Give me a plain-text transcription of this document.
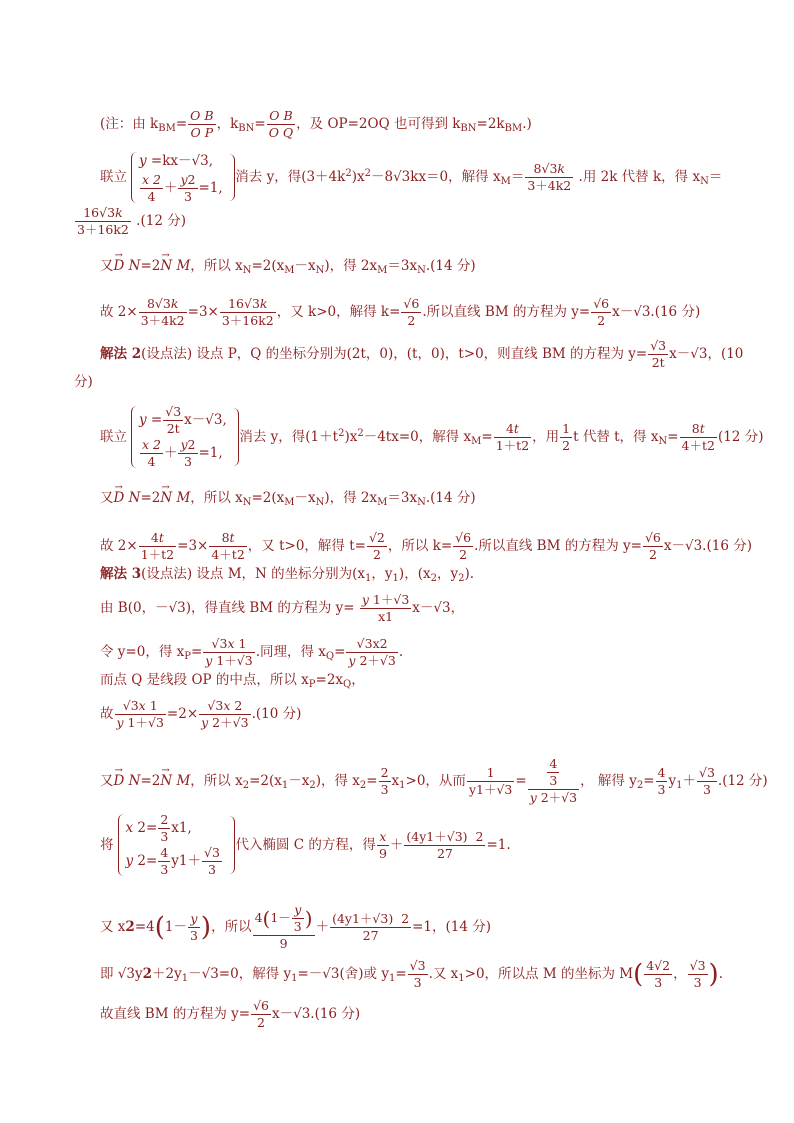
(注：由 $k_{BM}= \frac{\text{O B}}{\text{O P}}$ ，$k_{BN}= \frac{\text{O B}}{\text{O Q}}$ ，及 OP=2OQ 也可得到 $k_{BN}=2k_{BM}$.)
联立
y =kx－√3,
$\frac{x 2}{4} + \frac{y2}{3} =1$,
消去 y，得$(3+4k^2)x^2-8√3kx=0$，解得 $x_M= \frac{8√3k}{3+4k2}$ .用 2k 代替 k，得 $x_N=$
$\frac{16√3k}{3+16k2} .(12$ 分)
又→ D N=2→ N M，所以 $x_N=2(x_M-x_N)$，得 $2x_M=3x_N.(14$ 分)
故 $2\times \frac{8√3k}{3+4k2} =3\times \frac{16√3k}{3+16k2}$ ，又 k>0，解得 $k= \frac{√6}{2}$ .所以直线 BM 的方程为 $y= \frac{√6}{2} x-√3.(16$ 分)
解法 2(设点法) 设点 P，Q 的坐标分别为(2t，0)，(t，0)，t>0，则直线 BM 的方程为 $y= \frac{√3}{2t} x-√3$，(10
分)
联立
$y = \frac{√3}{2t} x-√3$,
$\frac{x 2}{4} + \frac{y2}{3} =1$,
消去 y，得$(1+t^2)x^2-4tx=0$，解得 $x_M= \frac{4t}{1+t2}$ ，用 $\frac{1}{2}$ t 代替 t，得 $x_N= \frac{8t}{4+t2} (12$ 分)
又→ D N=2→ N M，所以 $x_N=2(x_M-x_N)$，得 $2x_M=3x_N.(14$ 分)
故 $2\times \frac{4t}{1+t2} =3\times \frac{8t}{4+t2}$ ，又 t>0，解得 $t= \frac{√2}{2}$ ，所以 $k= \frac{√6}{2}$ .所以直线 BM 的方程为 $y= \frac{√6}{2} x-√3.(16$ 分)
解法 3(设点法) 设点 M，N 的坐标分别为($x_1$，$y_1$)，($x_2$，$y_2$).
由 B(0，－√3)，得直线 BM 的方程为 $y= \frac{y 1+√3}{x1} x-√3$，
令 y=0，得 $x_P= \frac{√3x 1}{y 1+√3}$ .同理，得 $x_Q= \frac{√3x2}{y 2+√3}$ .
而点 Q 是线段 OP 的中点，所以 $x_P=2x_Q$，
故 $\frac{√3x 1}{y 1+√3} =2\times \frac{√3x 2}{y 2+√3} .(10$ 分)
又→ D N=2→ N M，所以 $x_2=2(x_1-x_2)$，得 $x_2= \frac{2}{3} x_1>0$，从而 $\frac{1}{y1+√3} = \frac{\frac{4}{3}}{y 2+√3}$ ， 解得 $y_2= \frac{4}{3} y_1+ \frac{√3}{3} .(12$ 分)
将
x $2= \frac{2}{3} x1$,
y $2= \frac{4}{3} y1+ \frac{√3}{3}$
代入椭圆 C 的方程，得 $\frac{x}{9} + \frac{(4y1+√3) 2}{27} =1$.
又 $x2=4(1- \frac{y}{3}$ )，所以 $\frac{4(1- \frac{y}{3} )}{9} + \frac{(4y1+√3) 2}{27} =1$，(14 分)
即 $√3y2+2y_1-√3=0$，解得 $y_1=-√3$(舍)或 $y_1= \frac{√3}{3}$ .又 $x_1>0$，所以点 M 的坐标为 $M( \frac{4√2}{3}$ ， $\frac{√3}{3}$ ).
故直线 BM 的方程为 $y= \frac{√6}{2} x-√3.(16$ 分)
